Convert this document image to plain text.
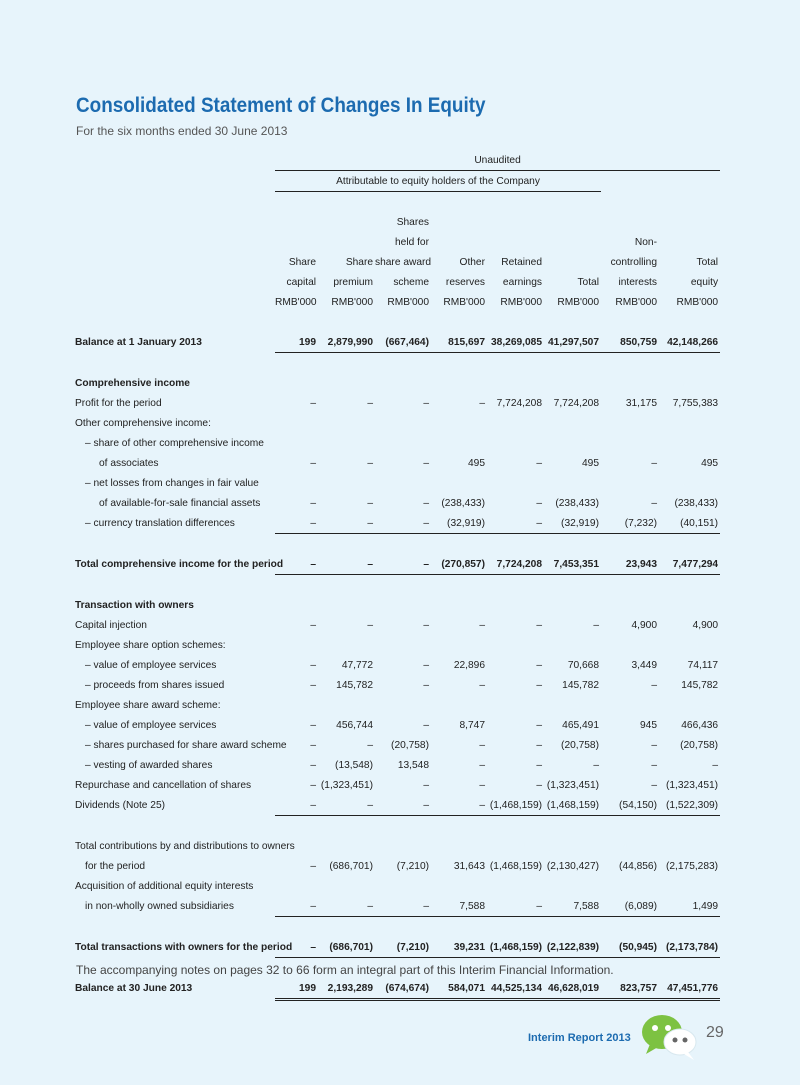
Consolidated Statement of Changes In Equity
For the six months ended 30 June 2013
	Unaudited							
	Attributable to equity holders of the Company							

			Shares					
			held for				Non-	
	Share	Share	share award	Other	Retained		controlling	Total
	capital	premium	scheme	reserves	earnings	Total	interests	equity
	RMB'000	RMB'000	RMB'000	RMB'000	RMB'000	RMB'000	RMB'000	RMB'000

Balance at 1 January 2013	199	2,879,990	(667,464)	815,697	38,269,085	41,297,507	850,759	42,148,266

Comprehensive income								
Profit for the period	–	–	–	–	7,724,208	7,724,208	31,175	7,755,383
Other comprehensive income:								
– share of other comprehensive income								
of associates	–	–	–	495	–	495	–	495
– net losses from changes in fair value								
of available-for-sale financial assets	–	–	–	(238,433)	–	(238,433)	–	(238,433)
– currency translation differences	–	–	–	(32,919)	–	(32,919)	(7,232)	(40,151)

Total comprehensive income for the period	–	–	–	(270,857)	7,724,208	7,453,351	23,943	7,477,294

Transaction with owners								
Capital injection	–	–	–	–	–	–	4,900	4,900
Employee share option schemes:								
– value of employee services	–	47,772	–	22,896	–	70,668	3,449	74,117
– proceeds from shares issued	–	145,782	–	–	–	145,782	–	145,782
Employee share award scheme:								
– value of employee services	–	456,744	–	8,747	–	465,491	945	466,436
– shares purchased for share award scheme	–	–	(20,758)	–	–	(20,758)	–	(20,758)
– vesting of awarded shares	–	(13,548)	13,548	–	–	–	–	–
Repurchase and cancellation of shares	–	(1,323,451)	–	–	–	(1,323,451)	–	(1,323,451)
Dividends (Note 25)	–	–	–	–	(1,468,159)	(1,468,159)	(54,150)	(1,522,309)

Total contributions by and distributions to owners								
for the period	–	(686,701)	(7,210)	31,643	(1,468,159)	(2,130,427)	(44,856)	(2,175,283)
Acquisition of additional equity interests								
in non-wholly owned subsidiaries	–	–	–	7,588	–	7,588	(6,089)	1,499

Total transactions with owners for the period	–	(686,701)	(7,210)	39,231	(1,468,159)	(2,122,839)	(50,945)	(2,173,784)

Balance at 30 June 2013	199	2,193,289	(674,674)	584,071	44,525,134	46,628,019	823,757	47,451,776
The accompanying notes on pages 32 to 66 form an integral part of this Interim Financial Information.
Interim Report 2013	29
